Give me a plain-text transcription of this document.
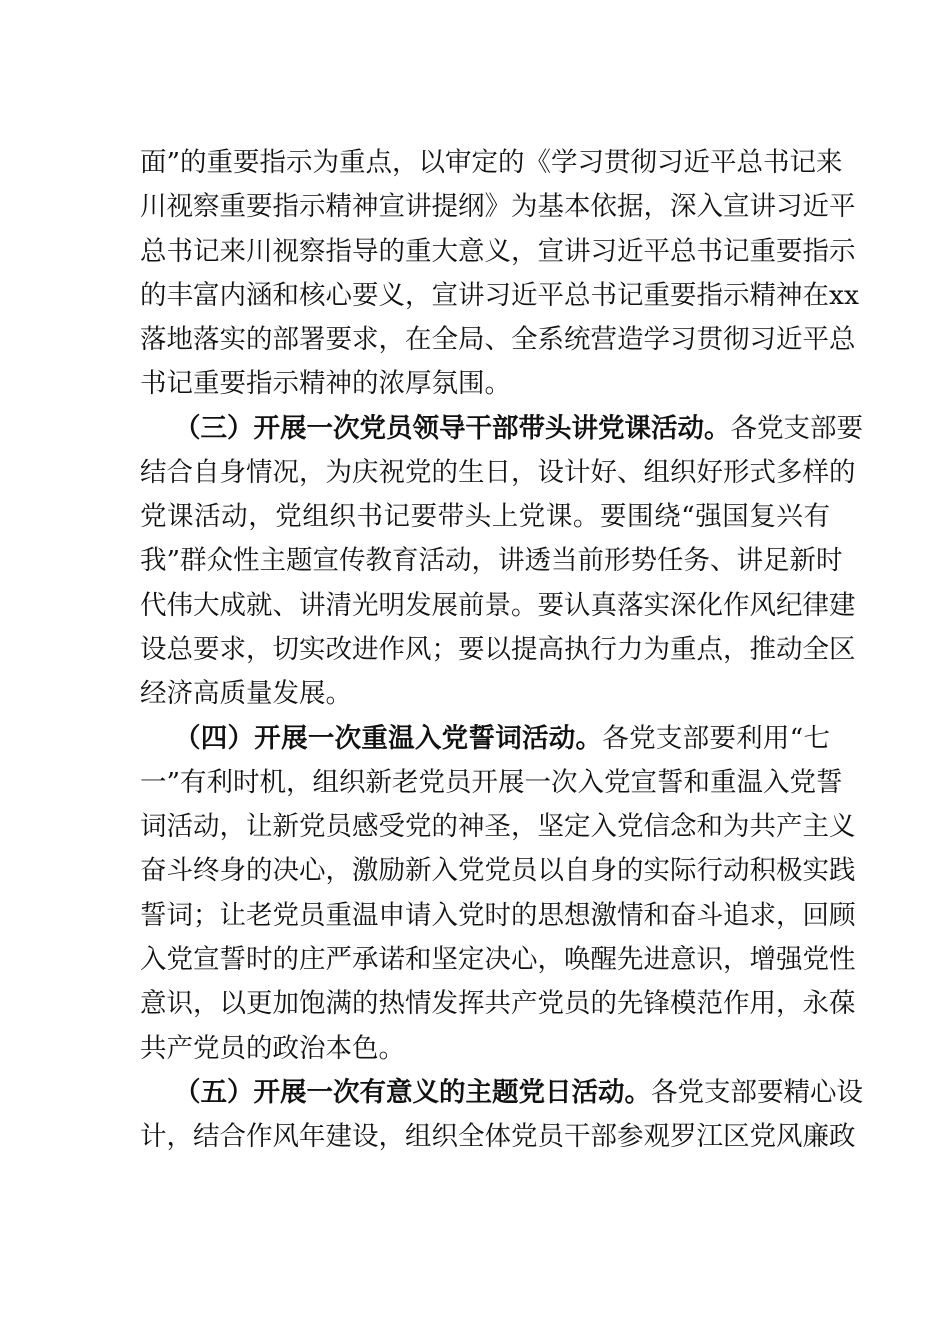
面”的重要指示为重点，以审定的《学习贯彻习近平总书记来
川视察重要指示精神宣讲提纲》为基本依据，深入宣讲习近平
总书记来川视察指导的重大意义，宣讲习近平总书记重要指示
的丰富内涵和核心要义，宣讲习近平总书记重要指示精神在xx
落地落实的部署要求，在全局、全系统营造学习贯彻习近平总
书记重要指示精神的浓厚氛围。
（三）开展一次党员领导干部带头讲党课活动。各党支部要
结合自身情况，为庆祝党的生日，设计好、组织好形式多样的
党课活动，党组织书记要带头上党课。要围绕“强国复兴有
我”群众性主题宣传教育活动，讲透当前形势任务、讲足新时
代伟大成就、讲清光明发展前景。要认真落实深化作风纪律建
设总要求，切实改进作风；要以提高执行力为重点，推动全区
经济高质量发展。
（四）开展一次重温入党誓词活动。各党支部要利用“七
一”有利时机，组织新老党员开展一次入党宣誓和重温入党誓
词活动，让新党员感受党的神圣，坚定入党信念和为共产主义
奋斗终身的决心，激励新入党党员以自身的实际行动积极实践
誓词；让老党员重温申请入党时的思想激情和奋斗追求，回顾
入党宣誓时的庄严承诺和坚定决心，唤醒先进意识，增强党性
意识，以更加饱满的热情发挥共产党员的先锋模范作用，永葆
共产党员的政治本色。
（五）开展一次有意义的主题党日活动。各党支部要精心设
计，结合作风年建设，组织全体党员干部参观罗江区党风廉政
